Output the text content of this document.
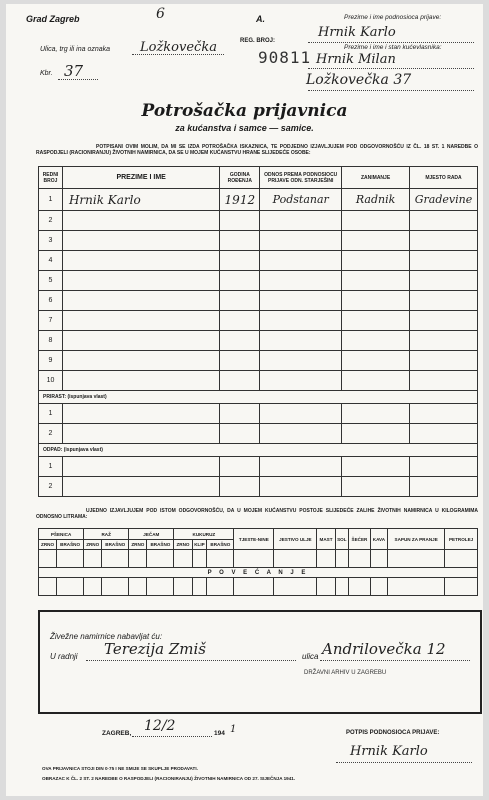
Grad Zagreb	6	A.
Ulica, trg ili ina oznaka Ložkovečka
Kbr. 37
REG. BROJ:
90811
Prezime i ime podnosioca prijave:
Hrnik Karlo
Prezime i ime i stan kućevlasnika:
Hrnik Milan
Ložkovečka 37
Potrošačka prijavnica
za kućanstva i samce — samice.
POTPISANI OVIM MOLIM, DA MI SE IZDA POTROŠAČKA ISKAZNICA, TE PODJEDNO IZJAVLJUJEM POD ODGOVORNOŠĆU IZ ČL. 18 ST. 1 NAREDBE O RASPODJELI (RACIONIRANJU) ŽIVOTNIH NAMIRNICA, DA SE U MOJEM KUĆANSTVU HRANE SLIJEDEĆE OSOBE:
REDNI BROJ	PREZIME I IME	GODINA ROĐENJA	ODNOS PREMA PODNOSIOCU PRIJAVE ODN. STARJEŠINI	ZANIMANJE	MJESTO RADA
1	Hrnik Karlo	1912	Podstanar	Radnik	Gradevine
2					
3					
4					
5					
6					
7					
8					
9					
10					
PRIRAST: (ispunjava vlast)					
1					
2					
ODPAD: (ispunjava vlast)					
1					
2					
UJEDNO IZJAVLJUJEM POD ISTOM ODGOVORNOŠĆU, DA U MOJEM KUĆANSTVU POSTOJE SLIJEDEĆE ZALIHE ŽIVOTNIH NAMIRNICA U KILOGRAMIMA ODNOSNO LITRAMA:
PŠENICA		RAŽ		JEČAM		KUKURUZ			TJESTE-NINE	JESTIVO ULJE	MAST	SOL	ŠEĆER	KAVA	SAPUN ZA PRANJE	PETROLEJ
ZRNO	BRAŠNO	ZRNO	BRAŠNO	ZRNO	BRAŠNO	ZRNO	KLIP	BRAŠNO								

P O V E Ć A N J E																

Živežne namirnice nabavljat ću:
U radnji Terezija Zmiš	ulica Andrilovečka 12
DRŽAVNI ARHIV U ZAGREBU
ZAGREB, 12/2	194 1	POTPIS PODNOSIOCA PRIJAVE:
Hrnik Karlo
OVA PRIJAVNICA STOJI DIN 0·75 I NE SMIJE SE SKUPLJE PRODAVATI.
OBRAZAC K ČL. 2 ST. 2 NAREDBE O RASPODJELI (RACIONIRANJU) ŽIVOTNIH NAMIRNICA OD 27. SIJEČNJA 1941.
